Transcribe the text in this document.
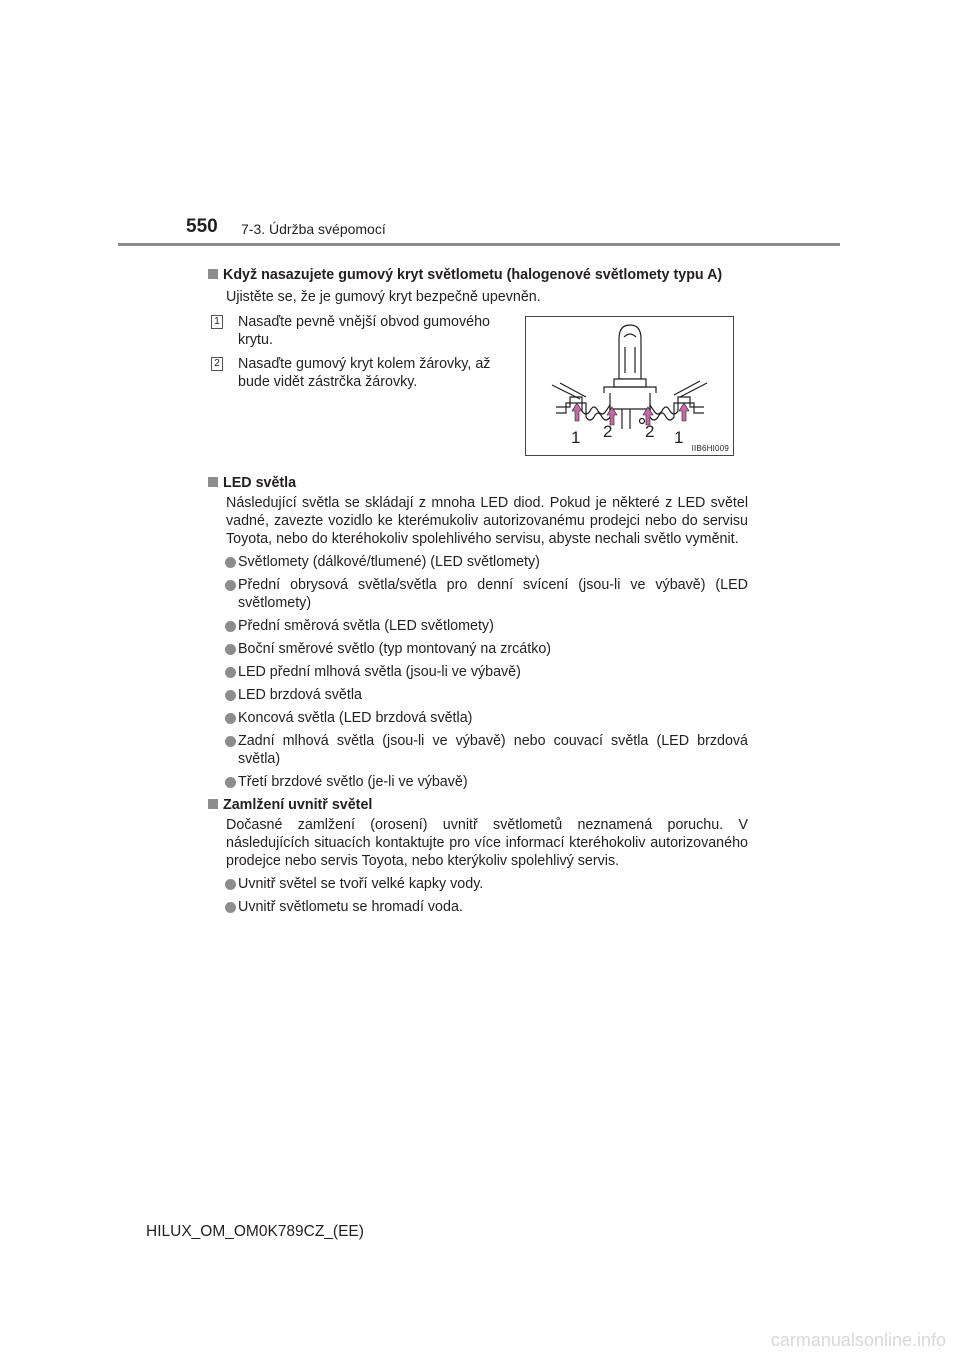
550 7-3. Údržba svépomocí

Když nasazujete gumový kryt světlometu (halogenové světlomety typu A)

Ujistěte se, že je gumový kryt bezpečně upevněn.

1 Nasaďte pevně vnější obvod gumového krytu.
2 Nasaďte gumový kryt kolem žárovky, až bude vidět zástrčka žárovky.

LED světla

Následující světla se skládají z mnoha LED diod. Pokud je některé z LED světel vadné, zavezte vozidlo ke kterémukoliv autorizovanému prodejci nebo do servisu Toyota, nebo do kteréhokoliv spolehlivého servisu, abyste nechali světlo vyměnit.

Světlomety (dálkové/tlumené) (LED světlomety)
Přední obrysová světla/světla pro denní svícení (jsou-li ve výbavě) (LED světlomety)
Přední směrová světla (LED světlomety)
Boční směrové světlo (typ montovaný na zrcátko)
LED přední mlhová světla (jsou-li ve výbavě)
LED brzdová světla
Koncová světla (LED brzdová světla)
Zadní mlhová světla (jsou-li ve výbavě) nebo couvací světla (LED brzdová světla)
Třetí brzdové světlo (je-li ve výbavě)

Zamlžení uvnitř světel

Dočasné zamlžení (orosení) uvnitř světlometů neznamená poruchu. V následujících situacích kontaktujte pro více informací kteréhokoliv autorizovaného prodejce nebo servis Toyota, nebo kterýkoliv spolehlivý servis.

Uvnitř světel se tvoří velké kapky vody.
Uvnitř světlometu se hromadí voda.
1 2 2 1
IIB6HI009
HILUX_OM_OM0K789CZ_(EE)
carmanualsonline.info
